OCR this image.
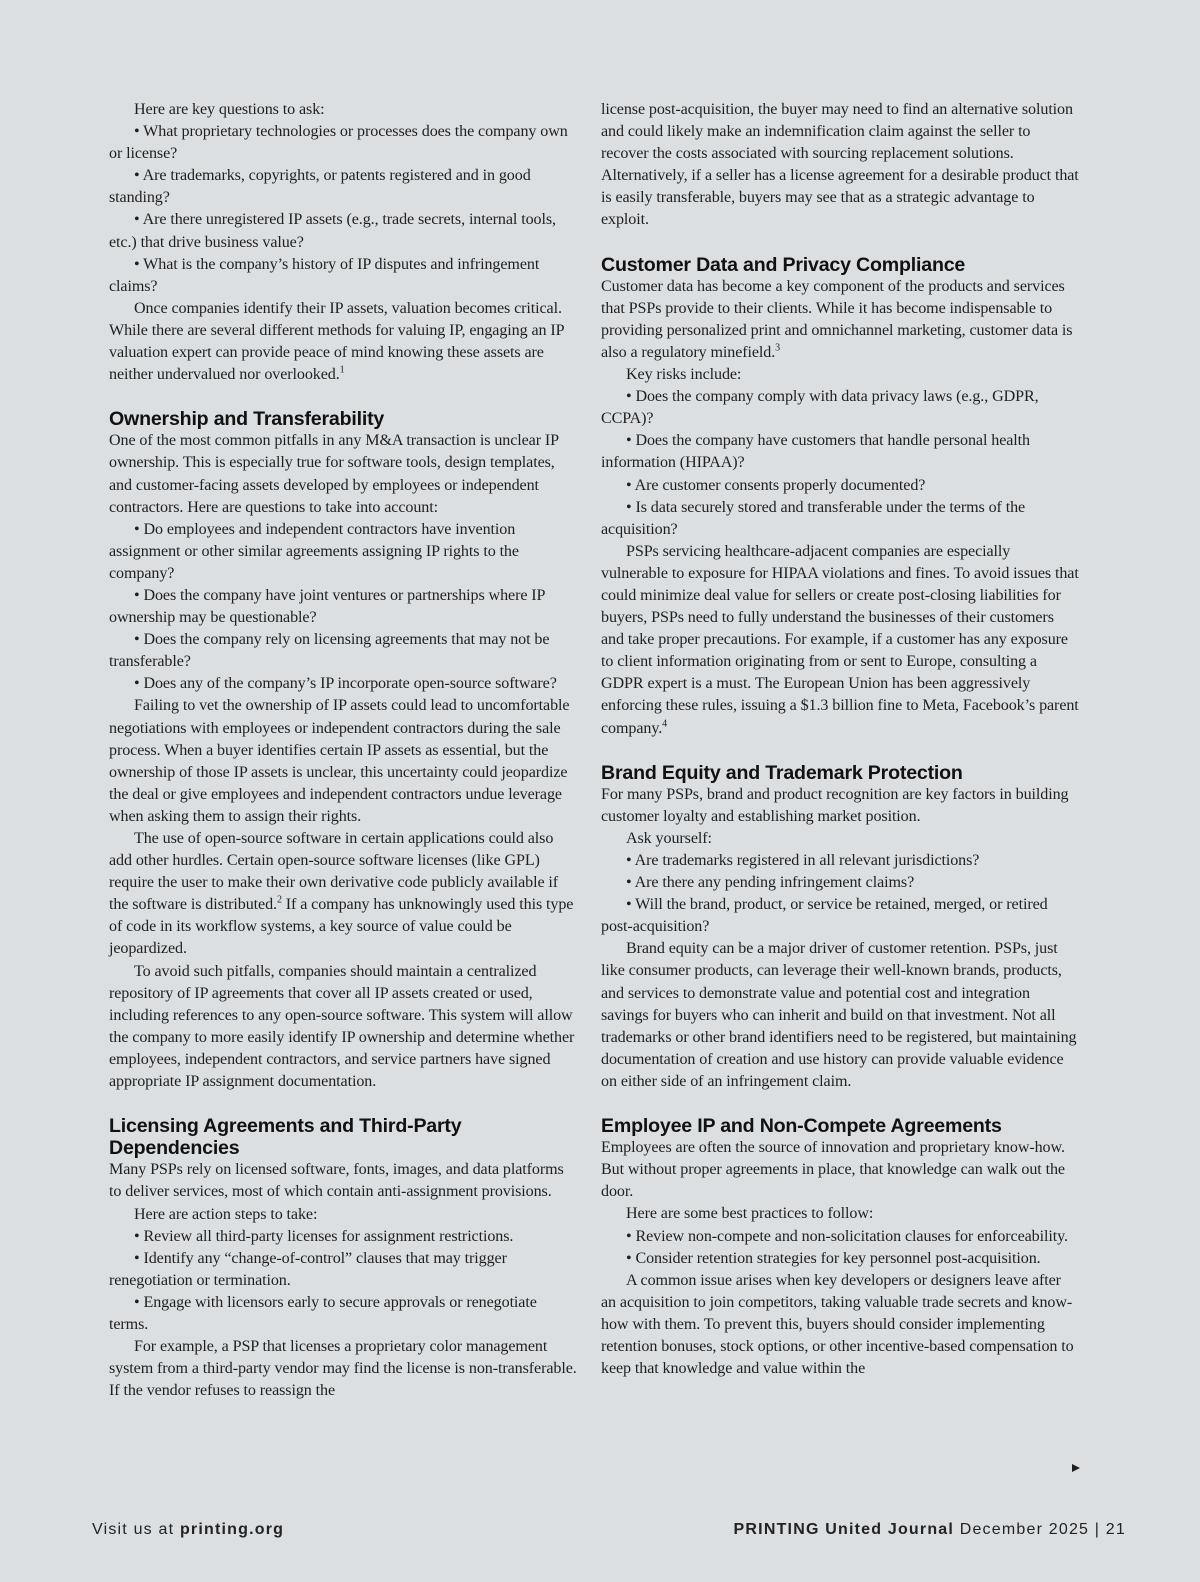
Here are key questions to ask:

• What proprietary technologies or processes does the company own or license?

• Are trademarks, copyrights, or patents registered and in good standing?

• Are there unregistered IP assets (e.g., trade secrets, internal tools, etc.) that drive business value?

• What is the company’s history of IP disputes and infringement claims?

Once companies identify their IP assets, valuation becomes critical. While there are several different methods for valuing IP, engaging an IP valuation expert can provide peace of mind knowing these assets are neither undervalued nor overlooked.$^1$

Ownership and Transferability

One of the most common pitfalls in any M&A transaction is unclear IP ownership. This is especially true for software tools, design templates, and customer-facing assets developed by employees or independent contractors. Here are questions to take into account:

• Do employees and independent contractors have invention assignment or other similar agreements assigning IP rights to the company?

• Does the company have joint ventures or partnerships where IP ownership may be questionable?

• Does the company rely on licensing agreements that may not be transferable?

• Does any of the company’s IP incorporate open-source software?

Failing to vet the ownership of IP assets could lead to uncomfortable negotiations with employees or independent contractors during the sale process. When a buyer identifies certain IP assets as essential, but the ownership of those IP assets is unclear, this uncertainty could jeopardize the deal or give employees and independent contractors undue leverage when asking them to assign their rights.

The use of open-source software in certain applications could also add other hurdles. Certain open-source software licenses (like GPL) require the user to make their own derivative code publicly available if the software is distributed.$^2$ If a company has unknowingly used this type of code in its workflow systems, a key source of value could be jeopardized.

To avoid such pitfalls, companies should maintain a centralized repository of IP agreements that cover all IP assets created or used, including references to any open-source software. This system will allow the company to more easily identify IP ownership and determine whether employees, independent contractors, and service partners have signed appropriate IP assignment documentation.

Licensing Agreements and Third-Party Dependencies

Many PSPs rely on licensed software, fonts, images, and data platforms to deliver services, most of which contain anti-assignment provisions.

Here are action steps to take:

• Review all third-party licenses for assignment restrictions.

• Identify any “change-of-control” clauses that may trigger renegotiation or termination.

• Engage with licensors early to secure approvals or renegotiate terms.

For example, a PSP that licenses a proprietary color management system from a third-party vendor may find the license is non-transferable. If the vendor refuses to reassign the

license post-acquisition, the buyer may need to find an alternative solution and could likely make an indemnification claim against the seller to recover the costs associated with sourcing replacement solutions. Alternatively, if a seller has a license agreement for a desirable product that is easily transferable, buyers may see that as a strategic advantage to exploit.

Customer Data and Privacy Compliance

Customer data has become a key component of the products and services that PSPs provide to their clients. While it has become indispensable to providing personalized print and omnichannel marketing, customer data is also a regulatory minefield.$^3$

Key risks include:

• Does the company comply with data privacy laws (e.g., GDPR, CCPA)?

• Does the company have customers that handle personal health information (HIPAA)?

• Are customer consents properly documented?

• Is data securely stored and transferable under the terms of the acquisition?

PSPs servicing healthcare-adjacent companies are especially vulnerable to exposure for HIPAA violations and fines. To avoid issues that could minimize deal value for sellers or create post-closing liabilities for buyers, PSPs need to fully understand the businesses of their customers and take proper precautions. For example, if a customer has any exposure to client information originating from or sent to Europe, consulting a GDPR expert is a must. The European Union has been aggressively enforcing these rules, issuing a $1.3 billion fine to Meta, Facebook’s parent company.$^4$

Brand Equity and Trademark Protection

For many PSPs, brand and product recognition are key factors in building customer loyalty and establishing market position.

Ask yourself:

• Are trademarks registered in all relevant jurisdictions?

• Are there any pending infringement claims?

• Will the brand, product, or service be retained, merged, or retired post-acquisition?

Brand equity can be a major driver of customer retention. PSPs, just like consumer products, can leverage their well-known brands, products, and services to demonstrate value and potential cost and integration savings for buyers who can inherit and build on that investment. Not all trademarks or other brand identifiers need to be registered, but maintaining documentation of creation and use history can provide valuable evidence on either side of an infringement claim.

Employee IP and Non-Compete Agreements

Employees are often the source of innovation and proprietary know-how. But without proper agreements in place, that knowledge can walk out the door.

Here are some best practices to follow:

• Review non-compete and non-solicitation clauses for enforceability.

• Consider retention strategies for key personnel post-acquisition.

A common issue arises when key developers or designers leave after an acquisition to join competitors, taking valuable trade secrets and know-how with them. To prevent this, buyers should consider implementing retention bonuses, stock options, or other incentive-based compensation to keep that knowledge and value within the

Visit us at printing.org	PRINTING United Journal December 2025 | 21
